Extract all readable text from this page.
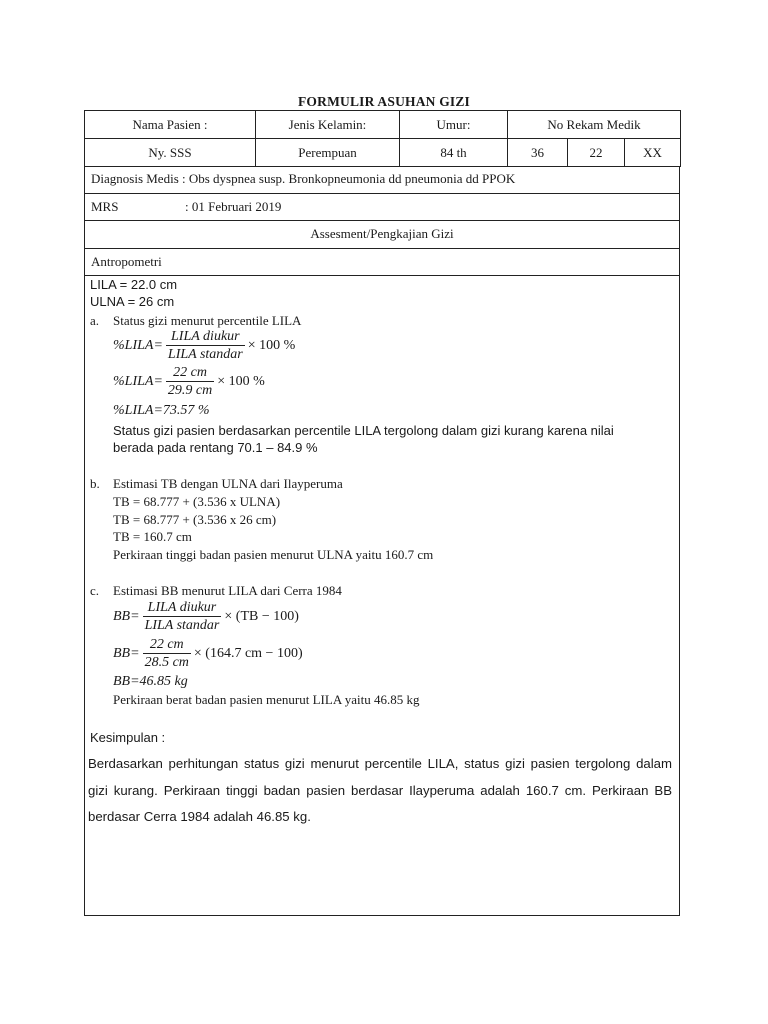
FORMULIR ASUHAN GIZI
Nama Pasien :	Jenis Kelamin:	Umur:	No Rekam Medik		
Ny. SSS	Perempuan	84 th	36	22	XX
Diagnosis Medis : Obs dyspnea susp. Bronkopneumonia dd pneumonia dd PPOK
MRS	: 01 Februari 2019
Assesment/Pengkajian Gizi
Antropometri
LILA = 22.0 cm
ULNA = 26 cm
a. Status gizi menurut percentile LILA
%LILA= $\frac{\text{LILA diukur}}{\text{LILA standar}} \times 100$ %
%LILA= $\frac{22 cm}{29.9 cm} \times 100$ %
%LILA=73.57 %
Status gizi pasien berdasarkan percentile LILA tergolong dalam gizi kurang karena nilai
berada pada rentang 70.1 – 84.9 %
b. Estimasi TB dengan ULNA dari Ilayperuma
TB = 68.777 + (3.536 x ULNA)
TB = 68.777 + (3.536 x 26 cm)
TB = 160.7 cm
Perkiraan tinggi badan pasien menurut ULNA yaitu 160.7 cm
c. Estimasi BB menurut LILA dari Cerra 1984
$BB= \frac{\text{LILA diukur}}{\text{LILA standar}} \times (TB - 100)$
$BB= \frac{22 cm}{28.5 cm} \times (164.7$ cm − 100)
BB=46.85 kg
Perkiraan berat badan pasien menurut LILA yaitu 46.85 kg
Kesimpulan :
Berdasarkan perhitungan status gizi menurut percentile LILA, status gizi pasien tergolong dalam gizi kurang. Perkiraan tinggi badan pasien berdasar Ilayperuma adalah 160.7 cm. Perkiraan BB berdasar Cerra 1984 adalah 46.85 kg.
